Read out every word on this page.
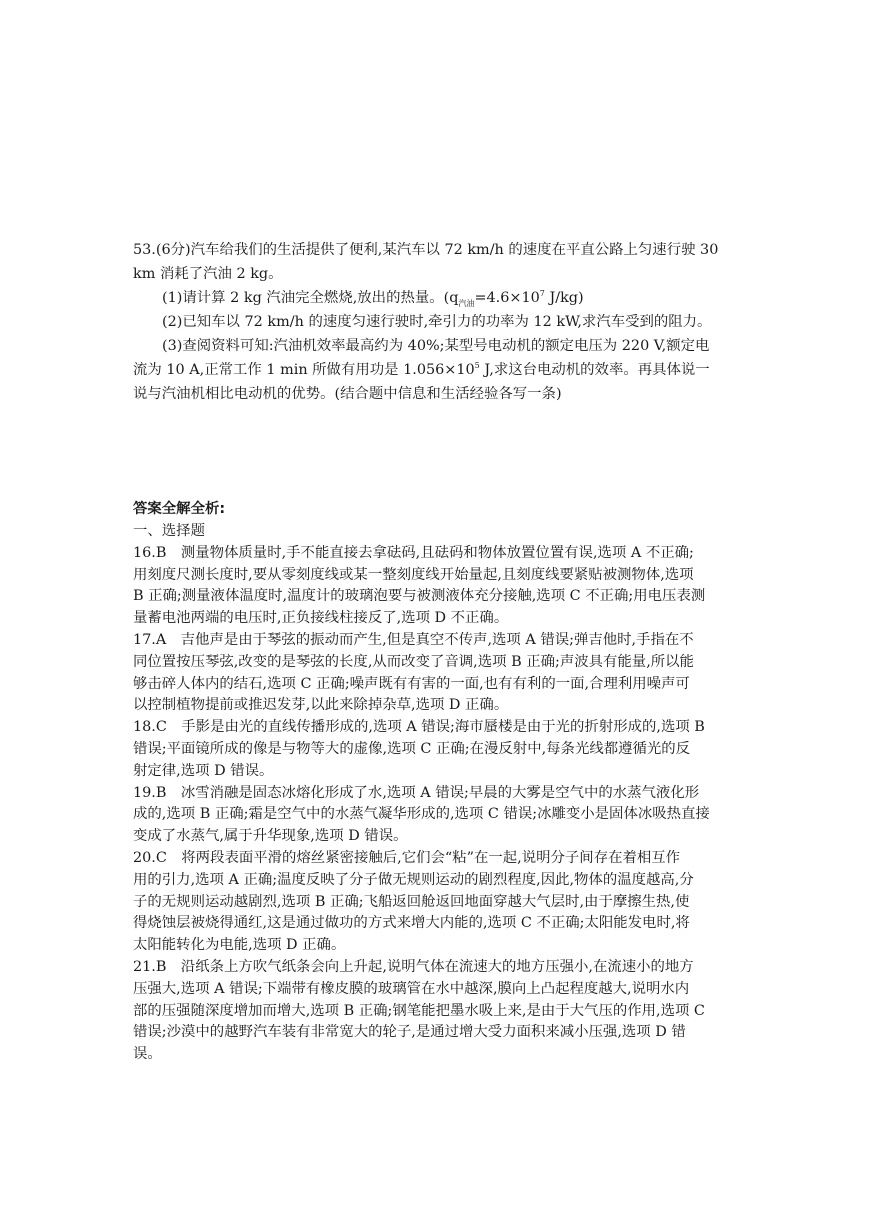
53.(6分)汽车给我们的生活提供了便利,某汽车以 72 km/h 的速度在平直公路上匀速行驶 30
km 消耗了汽油 2 kg。
(1)请计算 2 kg 汽油完全燃烧,放出的热量。($q_{汽油}=4.6\times 10^7$ J/kg)
(2)已知车以 72 km/h 的速度匀速行驶时,牵引力的功率为 12 kW,求汽车受到的阻力。
(3)查阅资料可知:汽油机效率最高约为 40%;某型号电动机的额定电压为 220 V,额定电
流为 10 A,正常工作 1 min 所做有用功是 $1.056\times 10^5$ J,求这台电动机的效率。再具体说一
说与汽油机相比电动机的优势。(结合题中信息和生活经验各写一条)
答案全解全析:
一、选择题
16.B　测量物体质量时,手不能直接去拿砝码,且砝码和物体放置位置有误,选项 A 不正确;
用刻度尺测长度时,要从零刻度线或某一整刻度线开始量起,且刻度线要紧贴被测物体,选项
B 正确;测量液体温度时,温度计的玻璃泡要与被测液体充分接触,选项 C 不正确;用电压表测
量蓄电池两端的电压时,正负接线柱接反了,选项 D 不正确。
17.A　吉他声是由于琴弦的振动而产生,但是真空不传声,选项 A 错误;弹吉他时,手指在不
同位置按压琴弦,改变的是琴弦的长度,从而改变了音调,选项 B 正确;声波具有能量,所以能
够击碎人体内的结石,选项 C 正确;噪声既有有害的一面,也有有利的一面,合理利用噪声可
以控制植物提前或推迟发芽,以此来除掉杂草,选项 D 正确。
18.C　手影是由光的直线传播形成的,选项 A 错误;海市蜃楼是由于光的折射形成的,选项 B
错误;平面镜所成的像是与物等大的虚像,选项 C 正确;在漫反射中,每条光线都遵循光的反
射定律,选项 D 错误。
19.B　冰雪消融是固态冰熔化形成了水,选项 A 错误;早晨的大雾是空气中的水蒸气液化形
成的,选项 B 正确;霜是空气中的水蒸气凝华形成的,选项 C 错误;冰雕变小是固体冰吸热直接
变成了水蒸气,属于升华现象,选项 D 错误。
20.C　将两段表面平滑的熔丝紧密接触后,它们会“粘”在一起,说明分子间存在着相互作
用的引力,选项 A 正确;温度反映了分子做无规则运动的剧烈程度,因此,物体的温度越高,分
子的无规则运动越剧烈,选项 B 正确;飞船返回舱返回地面穿越大气层时,由于摩擦生热,使
得烧蚀层被烧得通红,这是通过做功的方式来增大内能的,选项 C 不正确;太阳能发电时,将
太阳能转化为电能,选项 D 正确。
21.B　沿纸条上方吹气纸条会向上升起,说明气体在流速大的地方压强小,在流速小的地方
压强大,选项 A 错误;下端带有橡皮膜的玻璃管在水中越深,膜向上凸起程度越大,说明水内
部的压强随深度增加而增大,选项 B 正确;钢笔能把墨水吸上来,是由于大气压的作用,选项 C
错误;沙漠中的越野汽车装有非常宽大的轮子,是通过增大受力面积来减小压强,选项 D 错
误。
